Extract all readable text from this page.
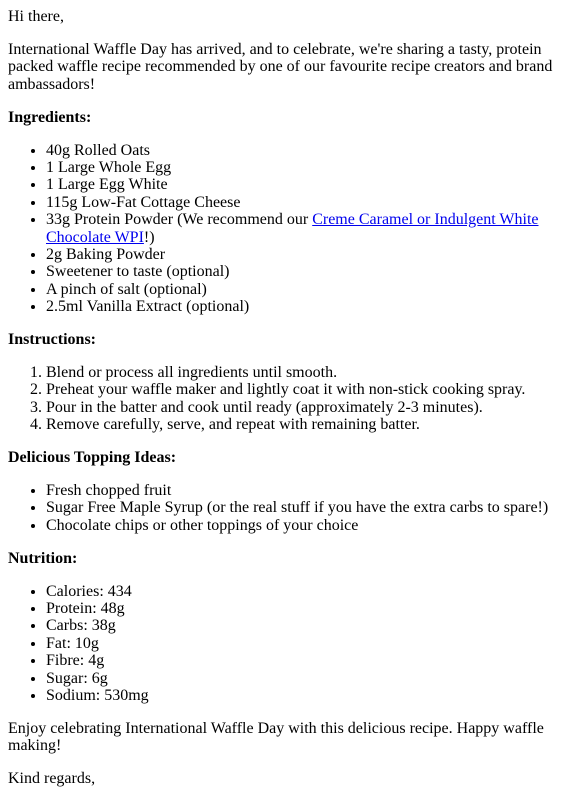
Hi there,

International Waffle Day has arrived, and to celebrate, we're sharing a tasty, protein packed waffle recipe recommended by one of our favourite recipe creators and brand ambassadors!

Ingredients:
• 40g Rolled Oats
• 1 Large Whole Egg
• 1 Large Egg White
• 115g Low-Fat Cottage Cheese
• 33g Protein Powder (We recommend our Creme Caramel or Indulgent White Chocolate WPI!)
• 2g Baking Powder
• Sweetener to taste (optional)
• A pinch of salt (optional)
• 2.5ml Vanilla Extract (optional)
Instructions:
1. Blend or process all ingredients until smooth.
2. Preheat your waffle maker and lightly coat it with non-stick cooking spray.
3. Pour in the batter and cook until ready (approximately 2-3 minutes).
4. Remove carefully, serve, and repeat with remaining batter.
Delicious Topping Ideas:
• Fresh chopped fruit
• Sugar Free Maple Syrup (or the real stuff if you have the extra carbs to spare!)
• Chocolate chips or other toppings of your choice
Nutrition:
• Calories: 434
• Protein: 48g
• Carbs: 38g
• Fat: 10g
• Fibre: 4g
• Sugar: 6g
• Sodium: 530mg

Enjoy celebrating International Waffle Day with this delicious recipe. Happy waffle making!

Kind regards,
